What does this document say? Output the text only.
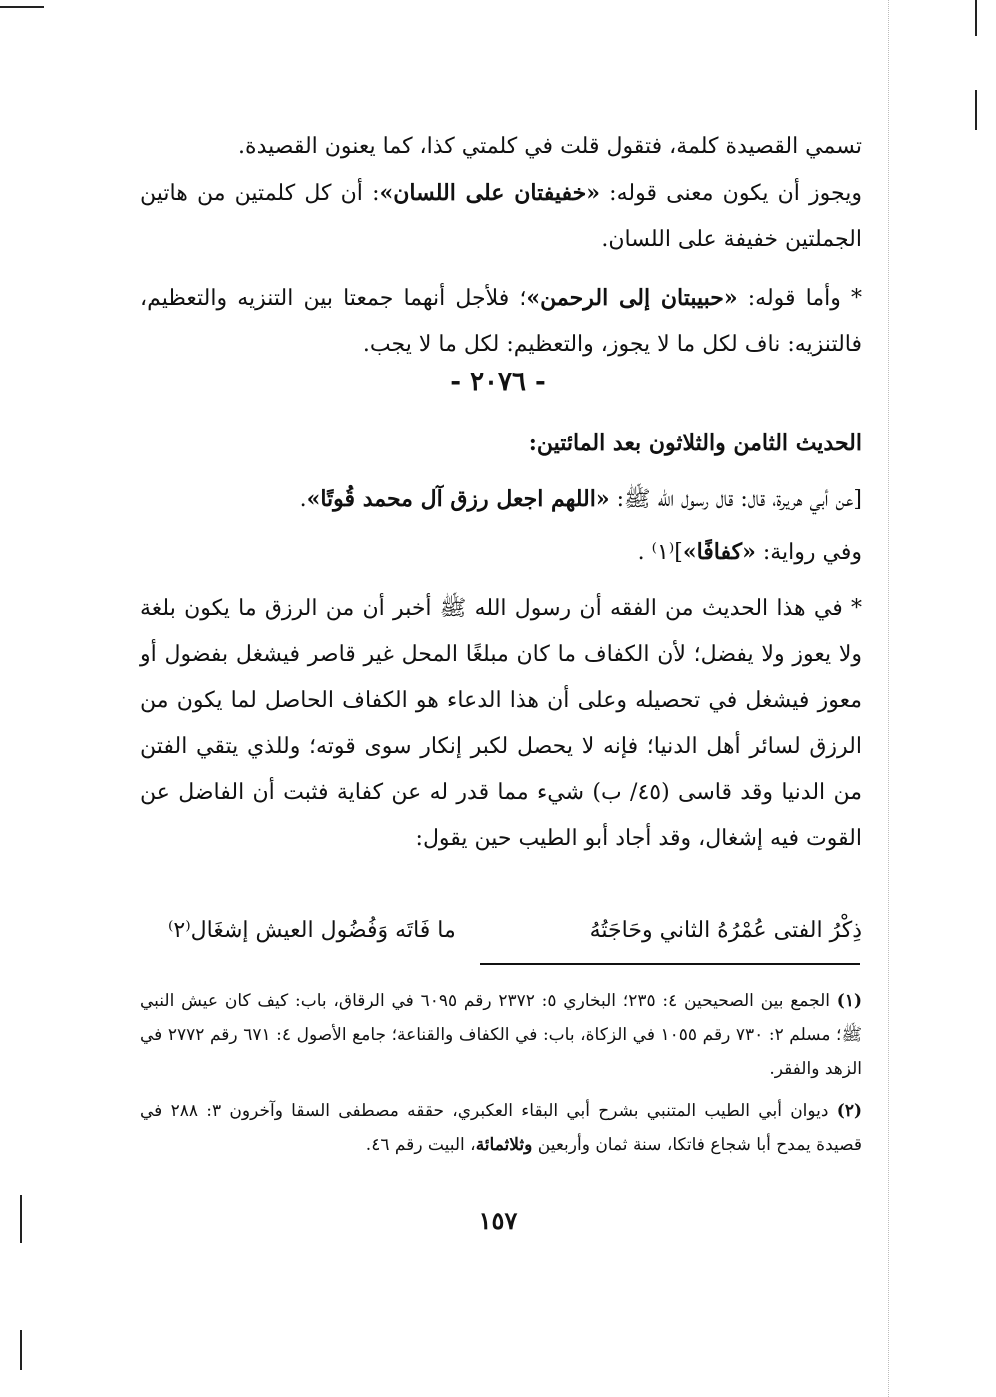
تسمي القصيدة كلمة، فتقول قلت في كلمتي كذا، كما يعنون القصيدة.

ويجوز أن يكون معنى قوله: «خفيفتان على اللسان»: أن كل كلمتين من هاتين الجملتين خفيفة على اللسان.

* وأما قوله: «حبيبتان إلى الرحمن»؛ فلأجل أنهما جمعتا بين التنزيه والتعظيم، فالتنزيه: ناف لكل ما لا يجوز، والتعظيم: لكل ما لا يجب.

- ٢٠٧٦ -

الحديث الثامن والثلاثون بعد المائتين:

[عن أبي هريرة، قال: قال رسول الله ﷺ: «اللهم اجعل رزق آل محمد قُوتًا».

وفي رواية: «كفافًا»]⁽١⁾ .

* في هذا الحديث من الفقه أن رسول الله ﷺ أخبر أن من الرزق ما يكون بلغة ولا يعوز ولا يفضل؛ لأن الكفاف ما كان مبلغًا المحل غير قاصر فيشغل بفضول أو معوز فيشغل في تحصيله وعلى أن هذا الدعاء هو الكفاف الحاصل لما يكون من الرزق لسائر أهل الدنيا؛ فإنه لا يحصل لكبر إنكار سوى قوته؛ وللذي يتقي الفتن من الدنيا وقد قاسى (٤٥/ ب) شيء مما قدر له عن كفاية فثبت أن الفاضل عن القوت فيه إشغال، وقد أجاد أبو الطيب حين يقول:

ذِكْرُ الفتى عُمْرُهُ الثاني وحَاجَتُهُ
ما فَاتَه وَفُضُول العيش إشغَال⁽٢⁾
(١) الجمع بين الصحيحين ٤: ٢٣٥؛ البخاري ٥: ٢٣٧٢ رقم ٦٠٩٥ في الرقاق، باب: كيف كان عيش النبي ﷺ؛ مسلم ٢: ٧٣٠ رقم ١٠٥٥ في الزكاة، باب: في الكفاف والقناعة؛ جامع الأصول ٤: ٦٧١ رقم ٢٧٧٢ في الزهد والفقر.
(٢) ديوان أبي الطيب المتنبي بشرح أبي البقاء العكبري، حققه مصطفى السقا وآخرون ٣: ٢٨٨ في قصيدة يمدح أبا شجاع فاتكا، سنة ثمان وأربعين وثلاثمائة، البيت رقم ٤٦.
١٥٧
